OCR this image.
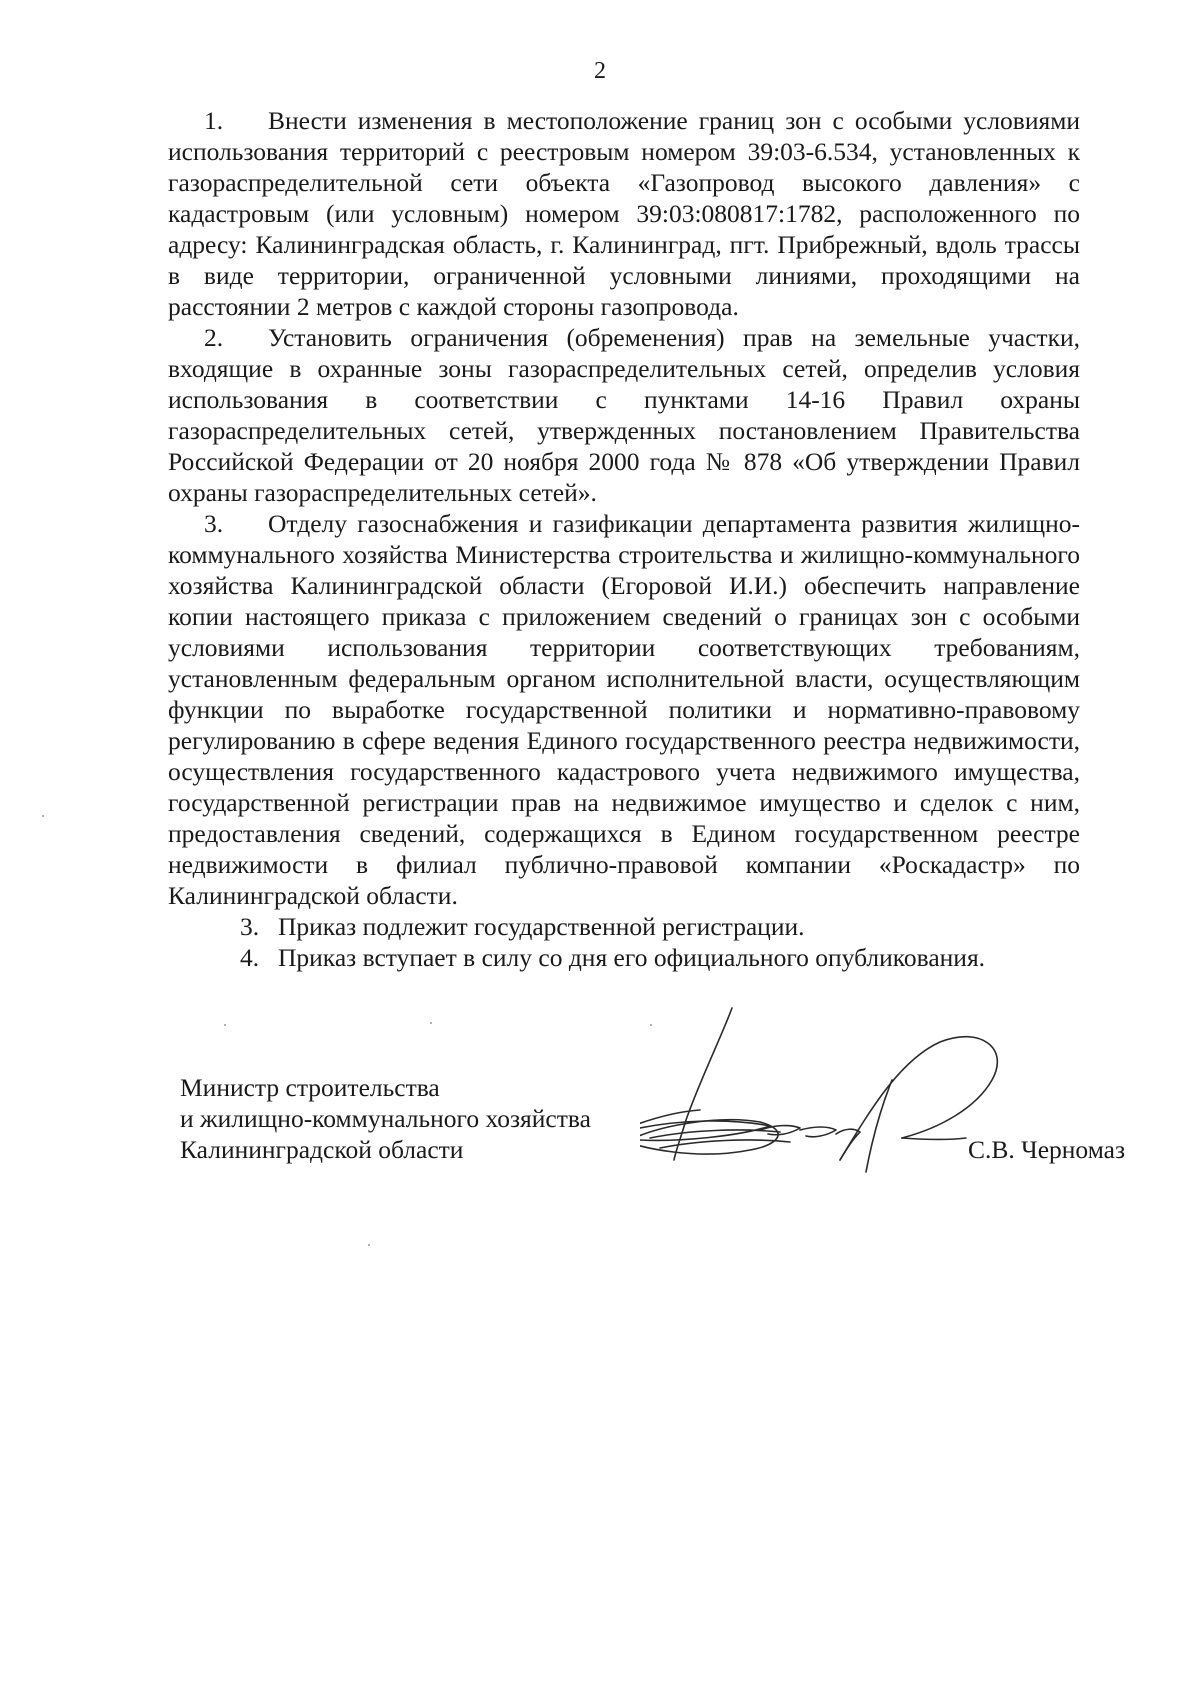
2

1. Внести изменения в местоположение границ зон с особыми условиями использования территорий с реестровым номером 39:03-6.534, установленных к газораспределительной сети объекта «Газопровод высокого давления» с кадастровым (или условным) номером 39:03:080817:1782, расположенного по адресу: Калининградская область, г. Калининград, пгт. Прибрежный, вдоль трассы в виде территории, ограниченной условными линиями, проходящими на расстоянии 2 метров с каждой стороны газопровода.

2. Установить ограничения (обременения) прав на земельные участки, входящие в охранные зоны газораспределительных сетей, определив условия использования в соответствии с пунктами 14-16 Правил охраны газораспределительных сетей, утвержденных постановлением Правительства Российской Федерации от 20 ноября 2000 года № 878 «Об утверждении Правил охраны газораспределительных сетей».

3. Отделу газоснабжения и газификации департамента развития жилищно-коммунального хозяйства Министерства строительства и жилищно-коммунального хозяйства Калининградской области (Егоровой И.И.) обеспечить направление копии настоящего приказа с приложением сведений о границах зон с особыми условиями использования территории соответствующих требованиям, установленным федеральным органом исполнительной власти, осуществляющим функции по выработке государственной политики и нормативно-правовому регулированию в сфере ведения Единого государственного реестра недвижимости, осуществления государственного кадастрового учета недвижимого имущества, государственной регистрации прав на недвижимое имущество и сделок с ним, предоставления сведений, содержащихся в Едином государственном реестре недвижимости в филиал публично-правовой компании «Роскадастр» по Калининградской области.

3. Приказ подлежит государственной регистрации.

4. Приказ вступает в силу со дня его официального опубликования.

Министр строительства
и жилищно-коммунального хозяйства
Калининградской области	С.В. Черномаз
